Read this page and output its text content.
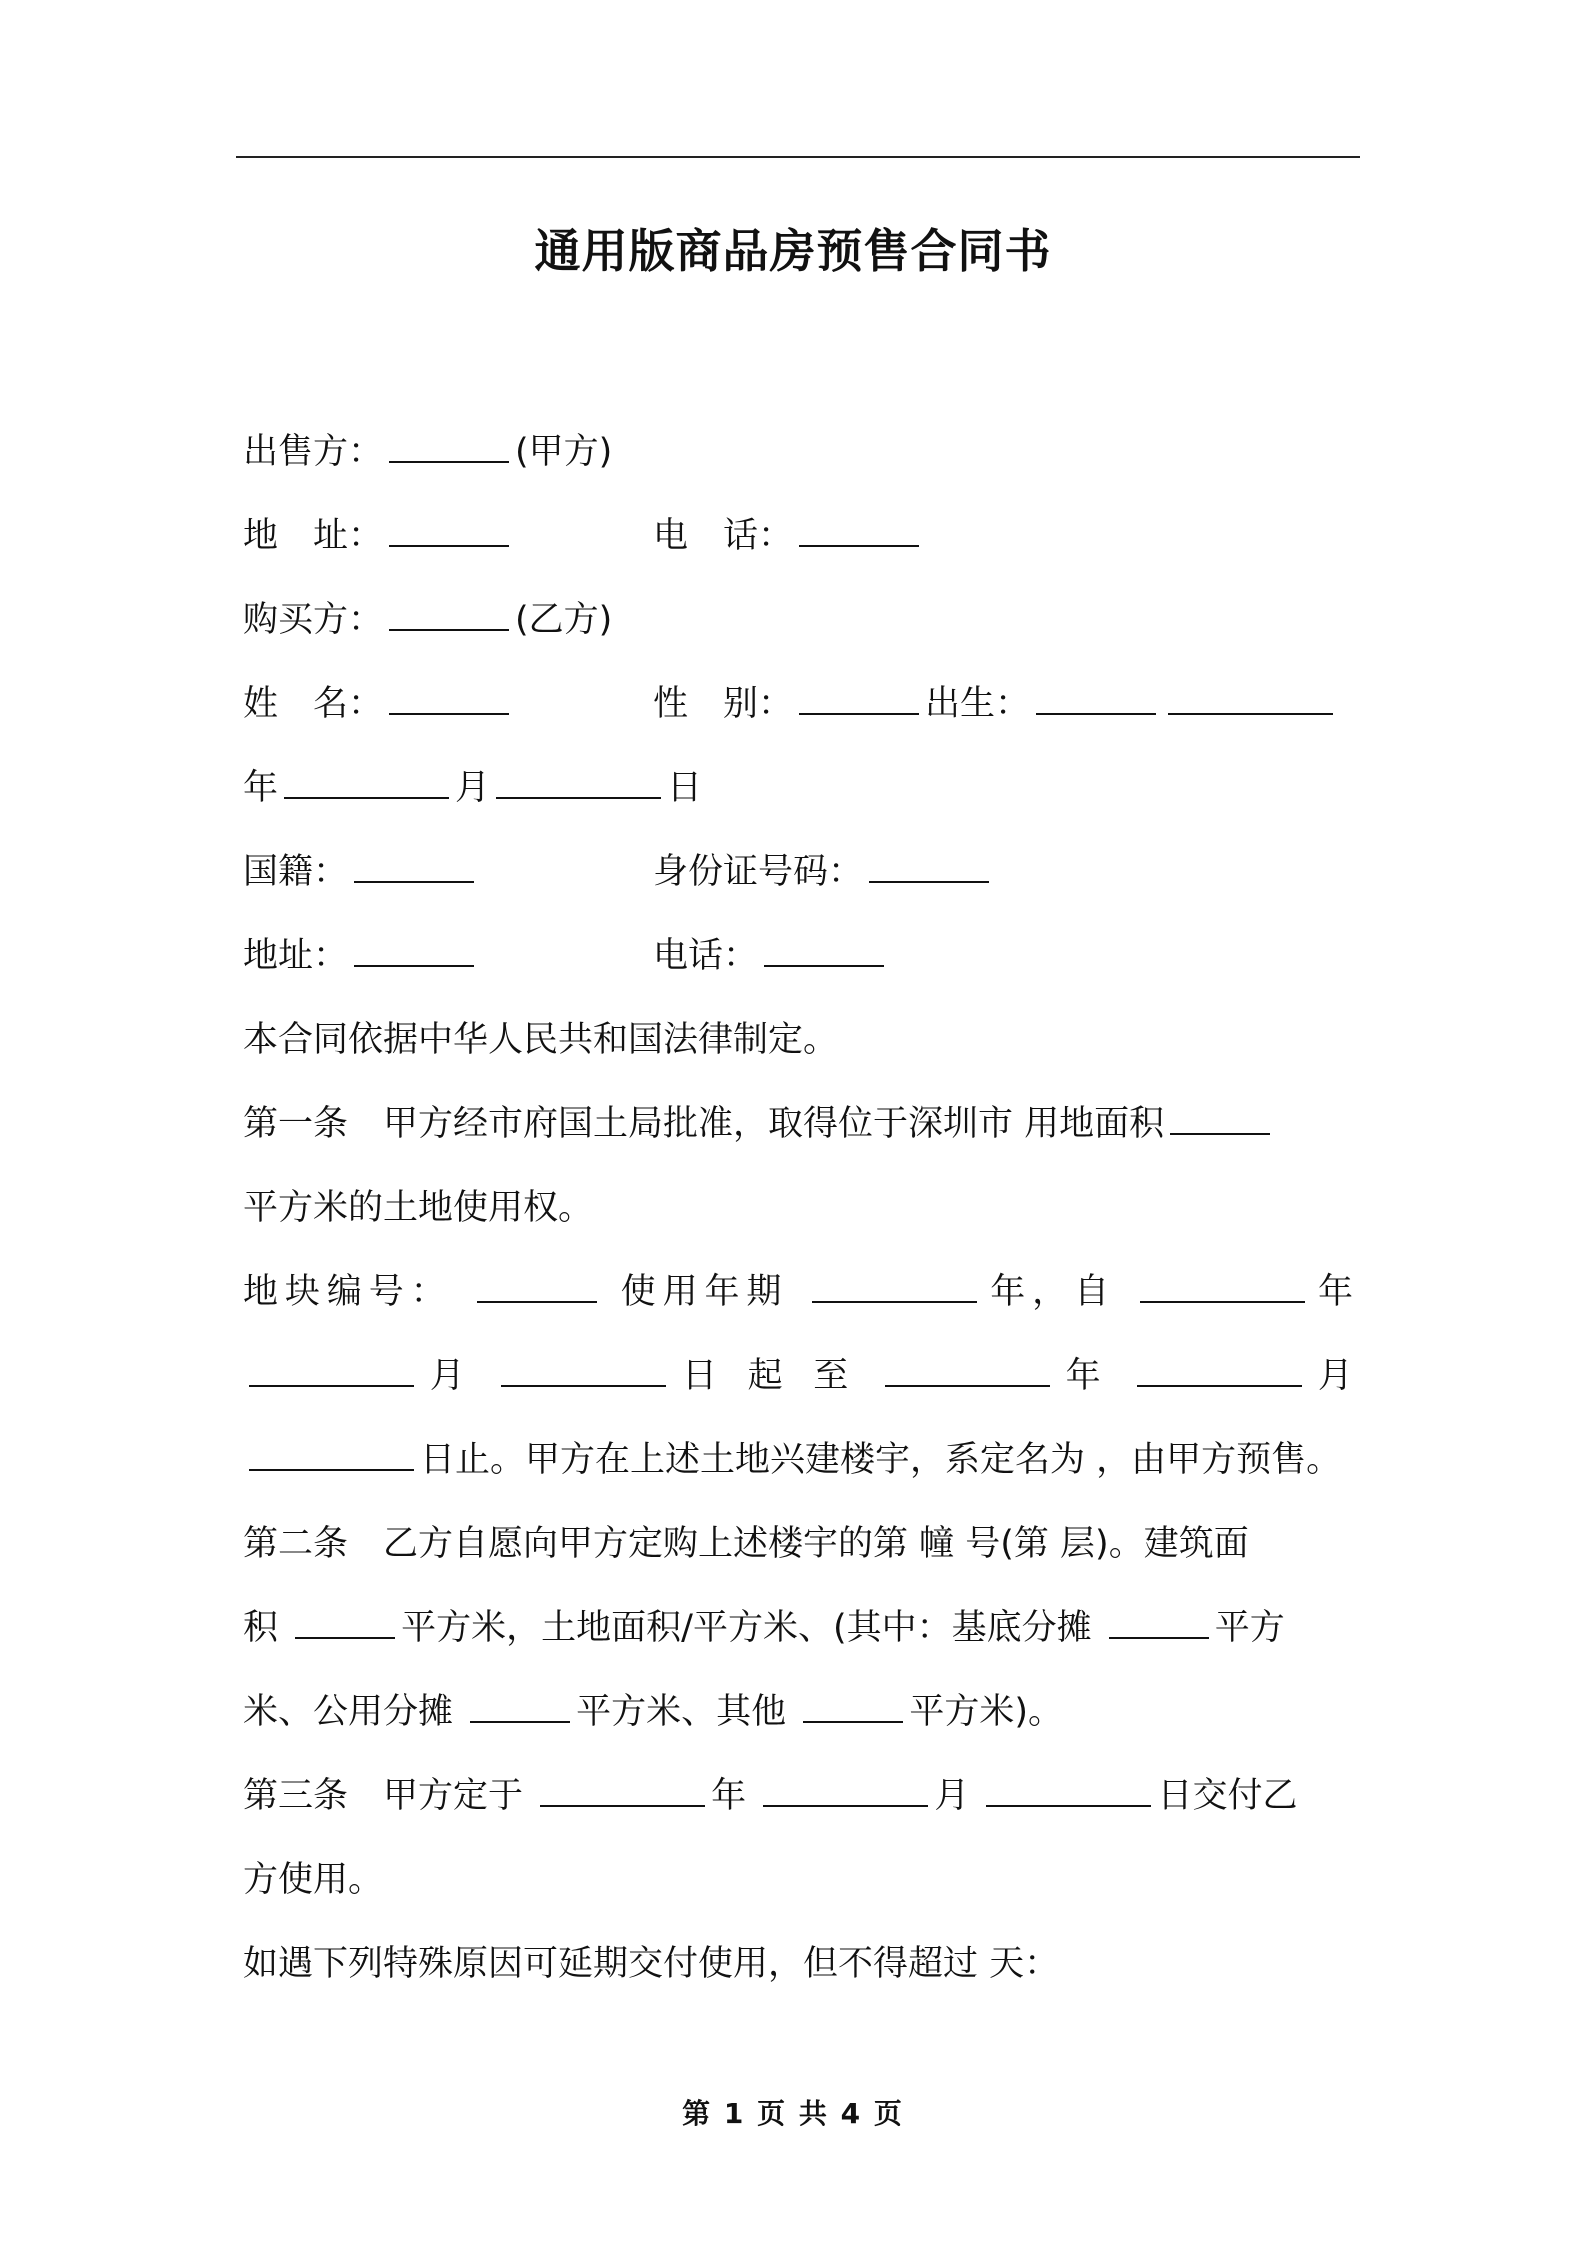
通用版商品房预售合同书
出售方：	(甲方)
地　址：	电　话：
购买方：	(乙方)
姓　名：	性　别：	出生：
年	月	日
国籍：	身份证号码：
地址：	电话：
本合同依据中华人民共和国法律制定。
第一条　甲方经市府国土局批准，取得位于深圳市 用地面积
平方米的土地使用权。
地块编号：	使用年期	年，自	年
月	日 起 至	年	月
日止。甲方在上述土地兴建楼宇，系定名为 ，由甲方预售。
第二条　乙方自愿向甲方定购上述楼宇的第 幢 号(第 层)。建筑面
积	平方米，土地面积/平方米、(其中：基底分摊	平方
米、公用分摊	平方米、其他	平方米)。
第三条　甲方定于	年	月	日交付乙
方使用。
如遇下列特殊原因可延期交付使用，但不得超过 天：
第 1 页 共 4 页
